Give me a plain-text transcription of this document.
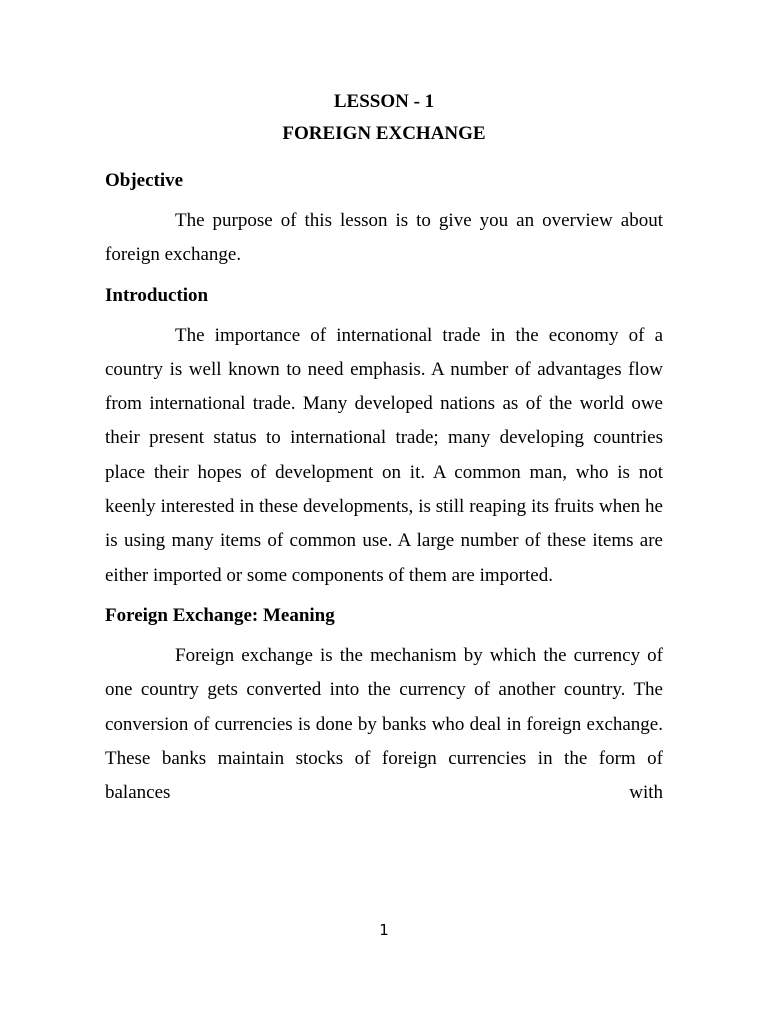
LESSON - 1

FOREIGN EXCHANGE

Objective

The purpose of this lesson is to give you an overview about foreign exchange.

Introduction

The importance of international trade in the economy of a country is well known to need emphasis. A number of advantages flow from international trade. Many developed nations as of the world owe their present status to international trade; many developing countries place their hopes of development on it. A common man, who is not keenly interested in these developments, is still reaping its fruits when he is using many items of common use. A large number of these items are either imported or some components of them are imported.

Foreign Exchange: Meaning

Foreign exchange is the mechanism by which the currency of one country gets converted into the currency of another country. The conversion of currencies is done by banks who deal in foreign exchange. These banks maintain stocks of foreign currencies in the form of balances with

1
